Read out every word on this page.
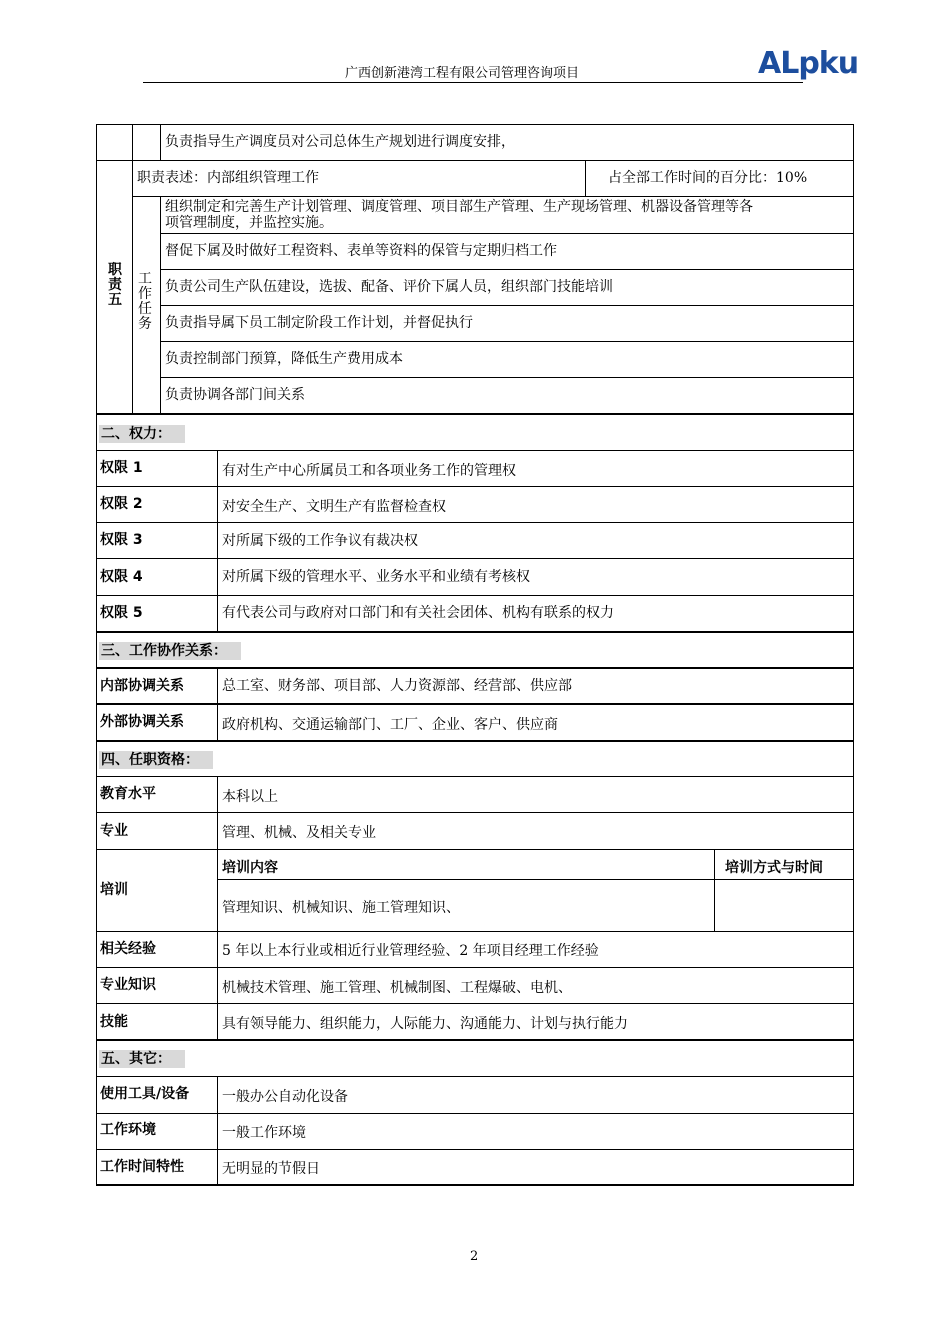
广西创新港湾工程有限公司管理咨询项目	ALpku
负责指导生产调度员对公司总体生产规划进行调度安排，
职责五
职责表述：内部组织管理工作	占全部工作时间的百分比：10%
工作任务
组织制定和完善生产计划管理、调度管理、项目部生产管理、生产现场管理、机器设备管理等各
项管理制度，并监控实施。
督促下属及时做好工程资料、表单等资料的保管与定期归档工作
负责公司生产队伍建设，选拔、配备、评价下属人员，组织部门技能培训
负责指导属下员工制定阶段工作计划，并督促执行
负责控制部门预算，降低生产费用成本
负责协调各部门间关系
二、权力：
权限 1	有对生产中心所属员工和各项业务工作的管理权
权限 2	对安全生产、文明生产有监督检查权
权限 3	对所属下级的工作争议有裁决权
权限 4	对所属下级的管理水平、业务水平和业绩有考核权
权限 5	有代表公司与政府对口部门和有关社会团体、机构有联系的权力
三、工作协作关系：
内部协调关系	总工室、财务部、项目部、人力资源部、经营部、供应部
外部协调关系	政府机构、交通运输部门、工厂、企业、客户、供应商
四、任职资格：
教育水平	本科以上
专业	管理、机械、及相关专业
培训
培训内容	培训方式与时间
管理知识、机械知识、施工管理知识、
相关经验	5 年以上本行业或相近行业管理经验、2 年项目经理工作经验
专业知识	机械技术管理、施工管理、机械制图、工程爆破、电机、
技能	具有领导能力、组织能力，人际能力、沟通能力、计划与执行能力
五、其它：
使用工具/设备 一般办公自动化设备
工作环境	一般工作环境
工作时间特性	无明显的节假日
2
